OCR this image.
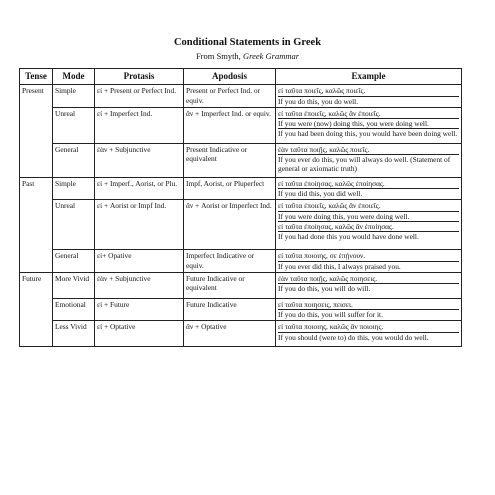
Conditional Statements in Greek
From Smyth, Greek Grammar
Tense	Mode	Protasis	Apodosis	Example
Present	Simple	εἰ + Present or Perfect Ind.	Present or Perfect Ind. or equiv.	εἰ ταῦτα ποιεῖς, καλῶς ποιεῖς.
If you do this, you do well.

	Unreal	εἰ + Imperfect Ind.	ἄν + Imperfect Ind. or equiv.	εἰ ταῦτα ἐποιεῖς, καλῶς ἂν ἐποιεῖς.
If you were (now) doing this, you were doing well.
If you had been doing this, you would have been doing well.

	General	ἐὰν + Subjunctive	Present Indicative or equivalent	ἐὰν ταῦτα ποιῇς, καλῶς ποιεῖς.
If you ever do this, you will always do well. (Statement of
general or axiomatic truth)

Past	Simple	εἰ + Imperf., Aorist, or Plu.	Impf, Aorist, or Pluperfect	εἰ ταῦτα ἐποίησας, καλῶς ἐποίησας.
If you did this, you did well.

	Unreal	εἰ + Aorist or Impf Ind.	ἄν + Aorist or Imperfect Ind.	εἰ ταῦτα ἐποιεῖς, καλῶς ἂν ἐποιεῖς.
If you were doing this, you were doing well.
εἰ ταῦτα ἐποίησας, καλῶς ἂν ἐποίησας.
If you had done this you would have done well.

	General	εἰ+ Opative	Imperfect Indicative or equiv.	εἰ ταῦτα ποιοιης, σε ἐπῄνουν.
If you ever did this, I always praised you.

Future	More Vivid	ἐὰν + Subjunctive	Future Indicative or equivalent	ἐὰν ταῦτα ποιῇς, καλῶς ποιησεις.
If you do this, you will do will.

	Emotional	εἰ + Future	Future Indicative	εἰ ταῦτα ποιησεις, πεισει.
If you do this, you will suffer for it.

	Less Vivid	εἰ + Optative	ἄν + Optative	εἰ ταῦτα ποιοιης, καλῶς ἂν ποιοιης.
If you should (were to) do this, you would do well.
